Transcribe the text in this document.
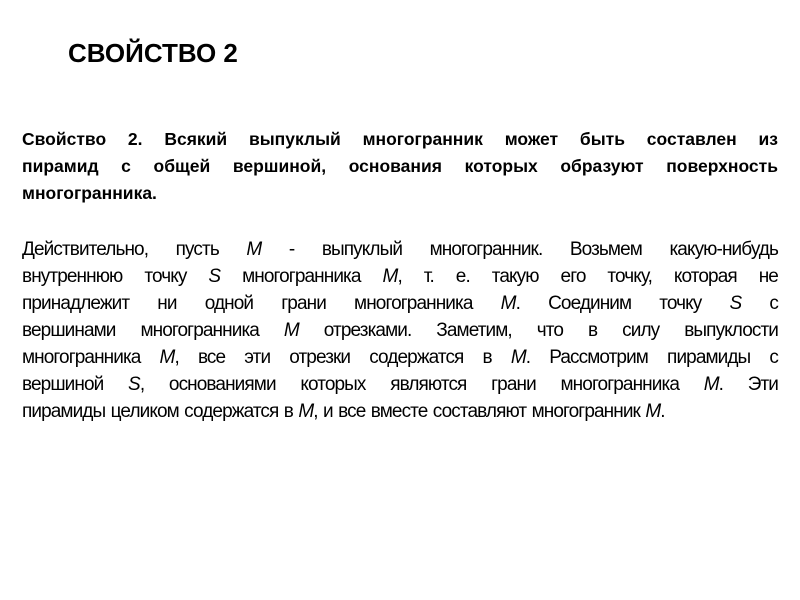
СВОЙСТВО 2
Свойство 2. Всякий выпуклый многогранник может быть составлен из
пирамид с общей вершиной, основания которых образуют поверхность
многогранника.
Действительно, пусть M - выпуклый многогранник. Возьмем какую-нибудь
внутреннюю точку S многогранника M, т. е. такую его точку, которая не
принадлежит ни одной грани многогранника M. Соединим точку S с
вершинами многогранника M отрезками. Заметим, что в силу выпуклости
многогранника M, все эти отрезки содержатся в M. Рассмотрим пирамиды с
вершиной S, основаниями которых являются грани многогранника M. Эти
пирамиды целиком содержатся в M, и все вместе составляют многогранник M.
